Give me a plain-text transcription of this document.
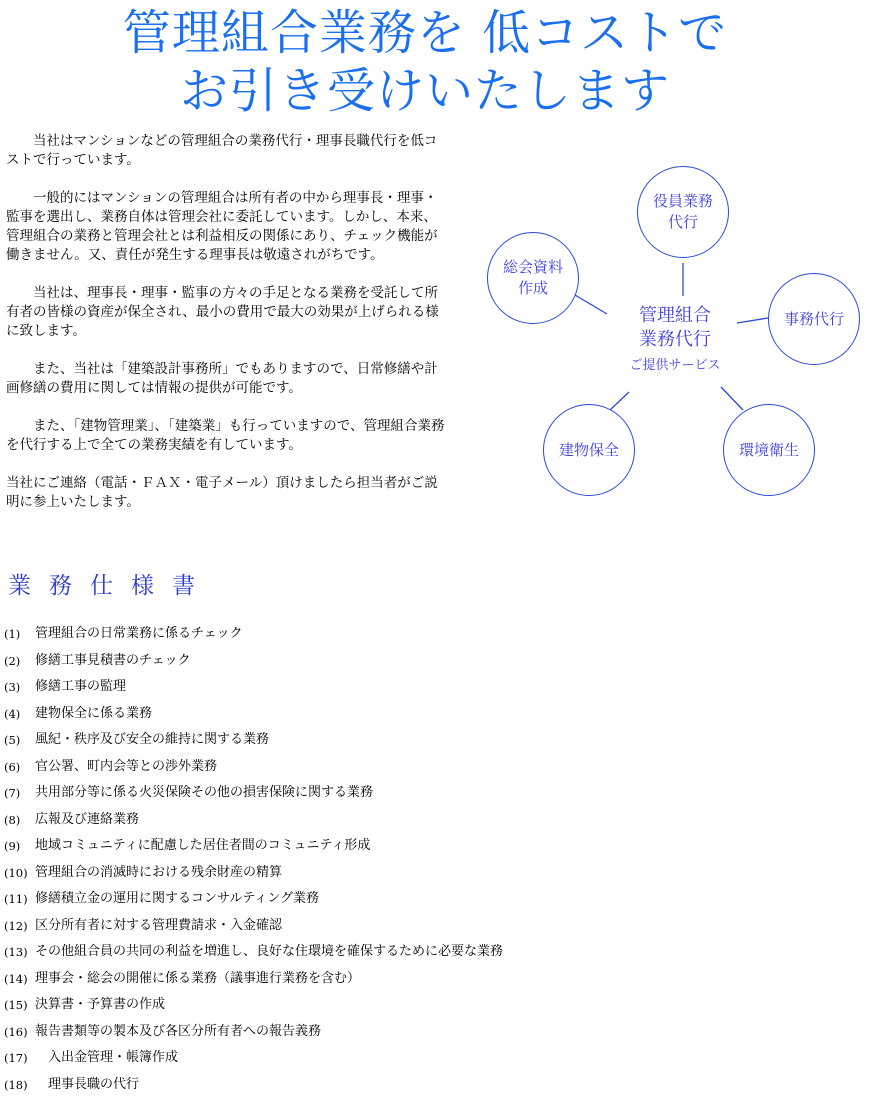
管理組合業務を 低コストで
お引き受けいたします

当社はマンションなどの管理組合の業務代行・理事長職代行を低コストで行っています。

一般的にはマンションの管理組合は所有者の中から理事長・理事・監事を選出し、業務自体は管理会社に委託しています。しかし、本来、管理組合の業務と管理会社とは利益相反の関係にあり、チェック機能が働きません。又、責任が発生する理事長は敬遠されがちです。

当社は、理事長・理事・監事の方々の手足となる業務を受託して所有者の皆様の資産が保全され、最小の費用で最大の効果が上げられる様に致します。

また、当社は「建築設計事務所」でもありますので、日常修繕や計画修繕の費用に関しては情報の提供が可能です。

また、「建物管理業」、「建築業」も行っていますので、管理組合業務を代行する上で全ての業務実績を有しています。

当社にご連絡（電話・ＦＡＸ・電子メール）頂けましたら担当者がご説明に参上いたします。

役員業務
代行
総会資料
作成
事務代行
建物保全	環境衛生
管理組合
業務代行
ご提供サービス
業務仕様書
(1)	管理組合の日常業務に係るチェック
(2)	修繕工事見積書のチェック
(3)	修繕工事の監理
(4)	建物保全に係る業務
(5)	風紀・秩序及び安全の維持に関する業務
(6)	官公署、町内会等との渉外業務
(7)	共用部分等に係る火災保険その他の損害保険に関する業務
(8)	広報及び連絡業務
(9)	地域コミュニティに配慮した居住者間のコミュニティ形成
(10) 管理組合の消滅時における残余財産の精算
(11) 修繕積立金の運用に関するコンサルティング業務
(12) 区分所有者に対する管理費請求・入金確認
(13) その他組合員の共同の利益を増進し、良好な住環境を確保するために必要な業務
(14) 理事会・総会の開催に係る業務（議事進行業務を含む）
(15) 決算書・予算書の作成
(16) 報告書類等の製本及び各区分所有者への報告義務
(17)	入出金管理・帳簿作成
(18)	理事長職の代行
